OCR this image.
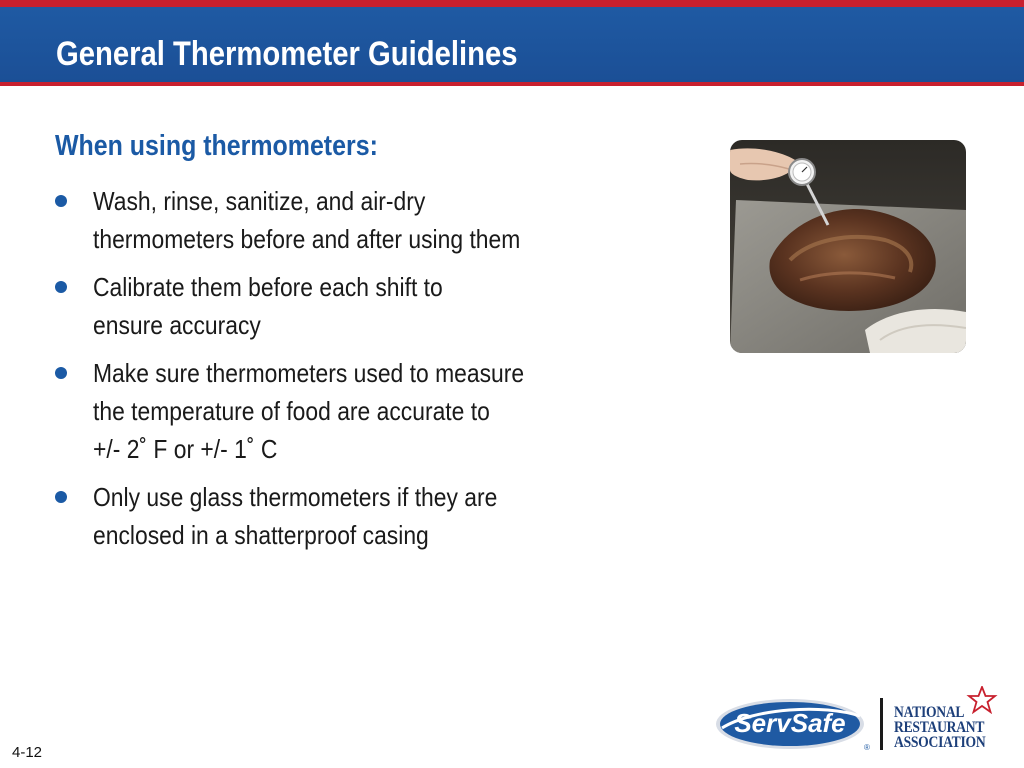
General Thermometer Guidelines
When using thermometers:
Wash, rinse, sanitize, and air-dry
thermometers before and after using them
Calibrate them before each shift to
ensure accuracy
Make sure thermometers used to measure
the temperature of food are accurate to
+/- 2˚ F or +/- 1˚ C
Only use glass thermometers if they are
enclosed in a shatterproof casing
4-12
ServSafe
®
NATIONAL
RESTAURANT
ASSOCIATION
